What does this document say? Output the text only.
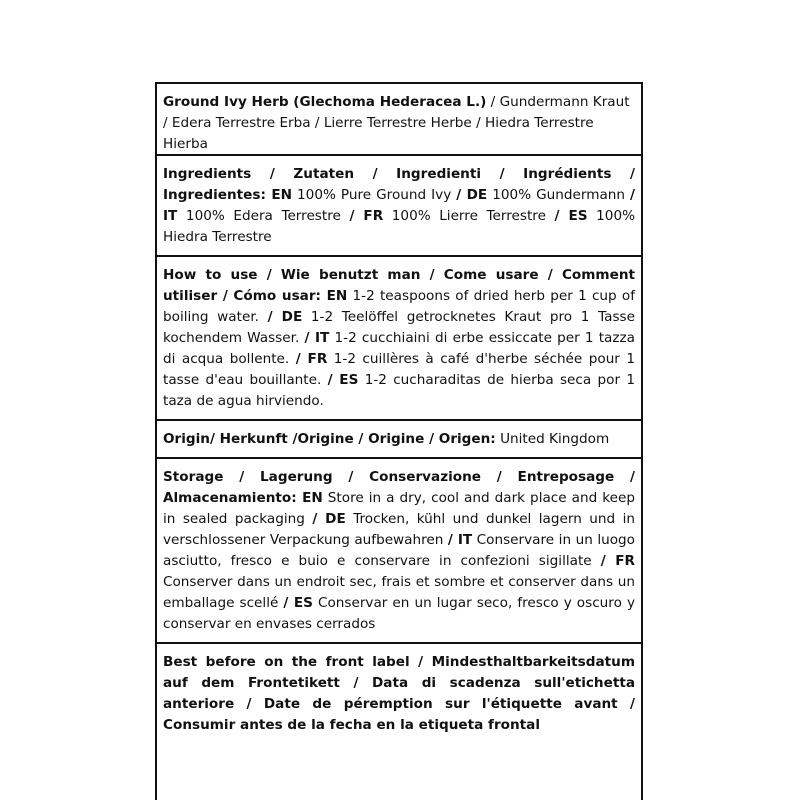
Ground Ivy Herb (Glechoma Hederacea L.) / Gundermann Kraut / Edera Terrestre Erba / Lierre Terrestre Herbe / Hiedra Terrestre Hierba
Ingredients / Zutaten / Ingredienti / Ingrédients / Ingredientes: EN 100% Pure Ground Ivy / DE 100% Gundermann / IT 100% Edera Terrestre / FR 100% Lierre Terrestre / ES 100% Hiedra Terrestre
How to use / Wie benutzt man / Come usare / Comment utiliser / Cómo usar: EN 1-2 teaspoons of dried herb per 1 cup of boiling water. / DE 1-2 Teelöffel getrocknetes Kraut pro 1 Tasse kochendem Wasser. / IT 1-2 cucchiaini di erbe essiccate per 1 tazza di acqua bollente. / FR 1-2 cuillères à café d'herbe séchée pour 1 tasse d'eau bouillante. / ES 1-2 cucharaditas de hierba seca por 1 taza de agua hirviendo.
Origin/ Herkunft /Origine / Origine / Origen: United Kingdom
Storage / Lagerung / Conservazione / Entreposage / Almacenamiento: EN Store in a dry, cool and dark place and keep in sealed packaging / DE Trocken, kühl und dunkel lagern und in verschlossener Verpackung aufbewahren / IT Conservare in un luogo asciutto, fresco e buio e conservare in confezioni sigillate / FR Conserver dans un endroit sec, frais et sombre et conserver dans un emballage scellé / ES Conservar en un lugar seco, fresco y oscuro y conservar en envases cerrados
Best before on the front label / Mindesthaltbarkeitsdatum auf dem Frontetikett / Data di scadenza sull'etichetta anteriore / Date de péremption sur l'étiquette avant / Consumir antes de la fecha en la etiqueta frontal
